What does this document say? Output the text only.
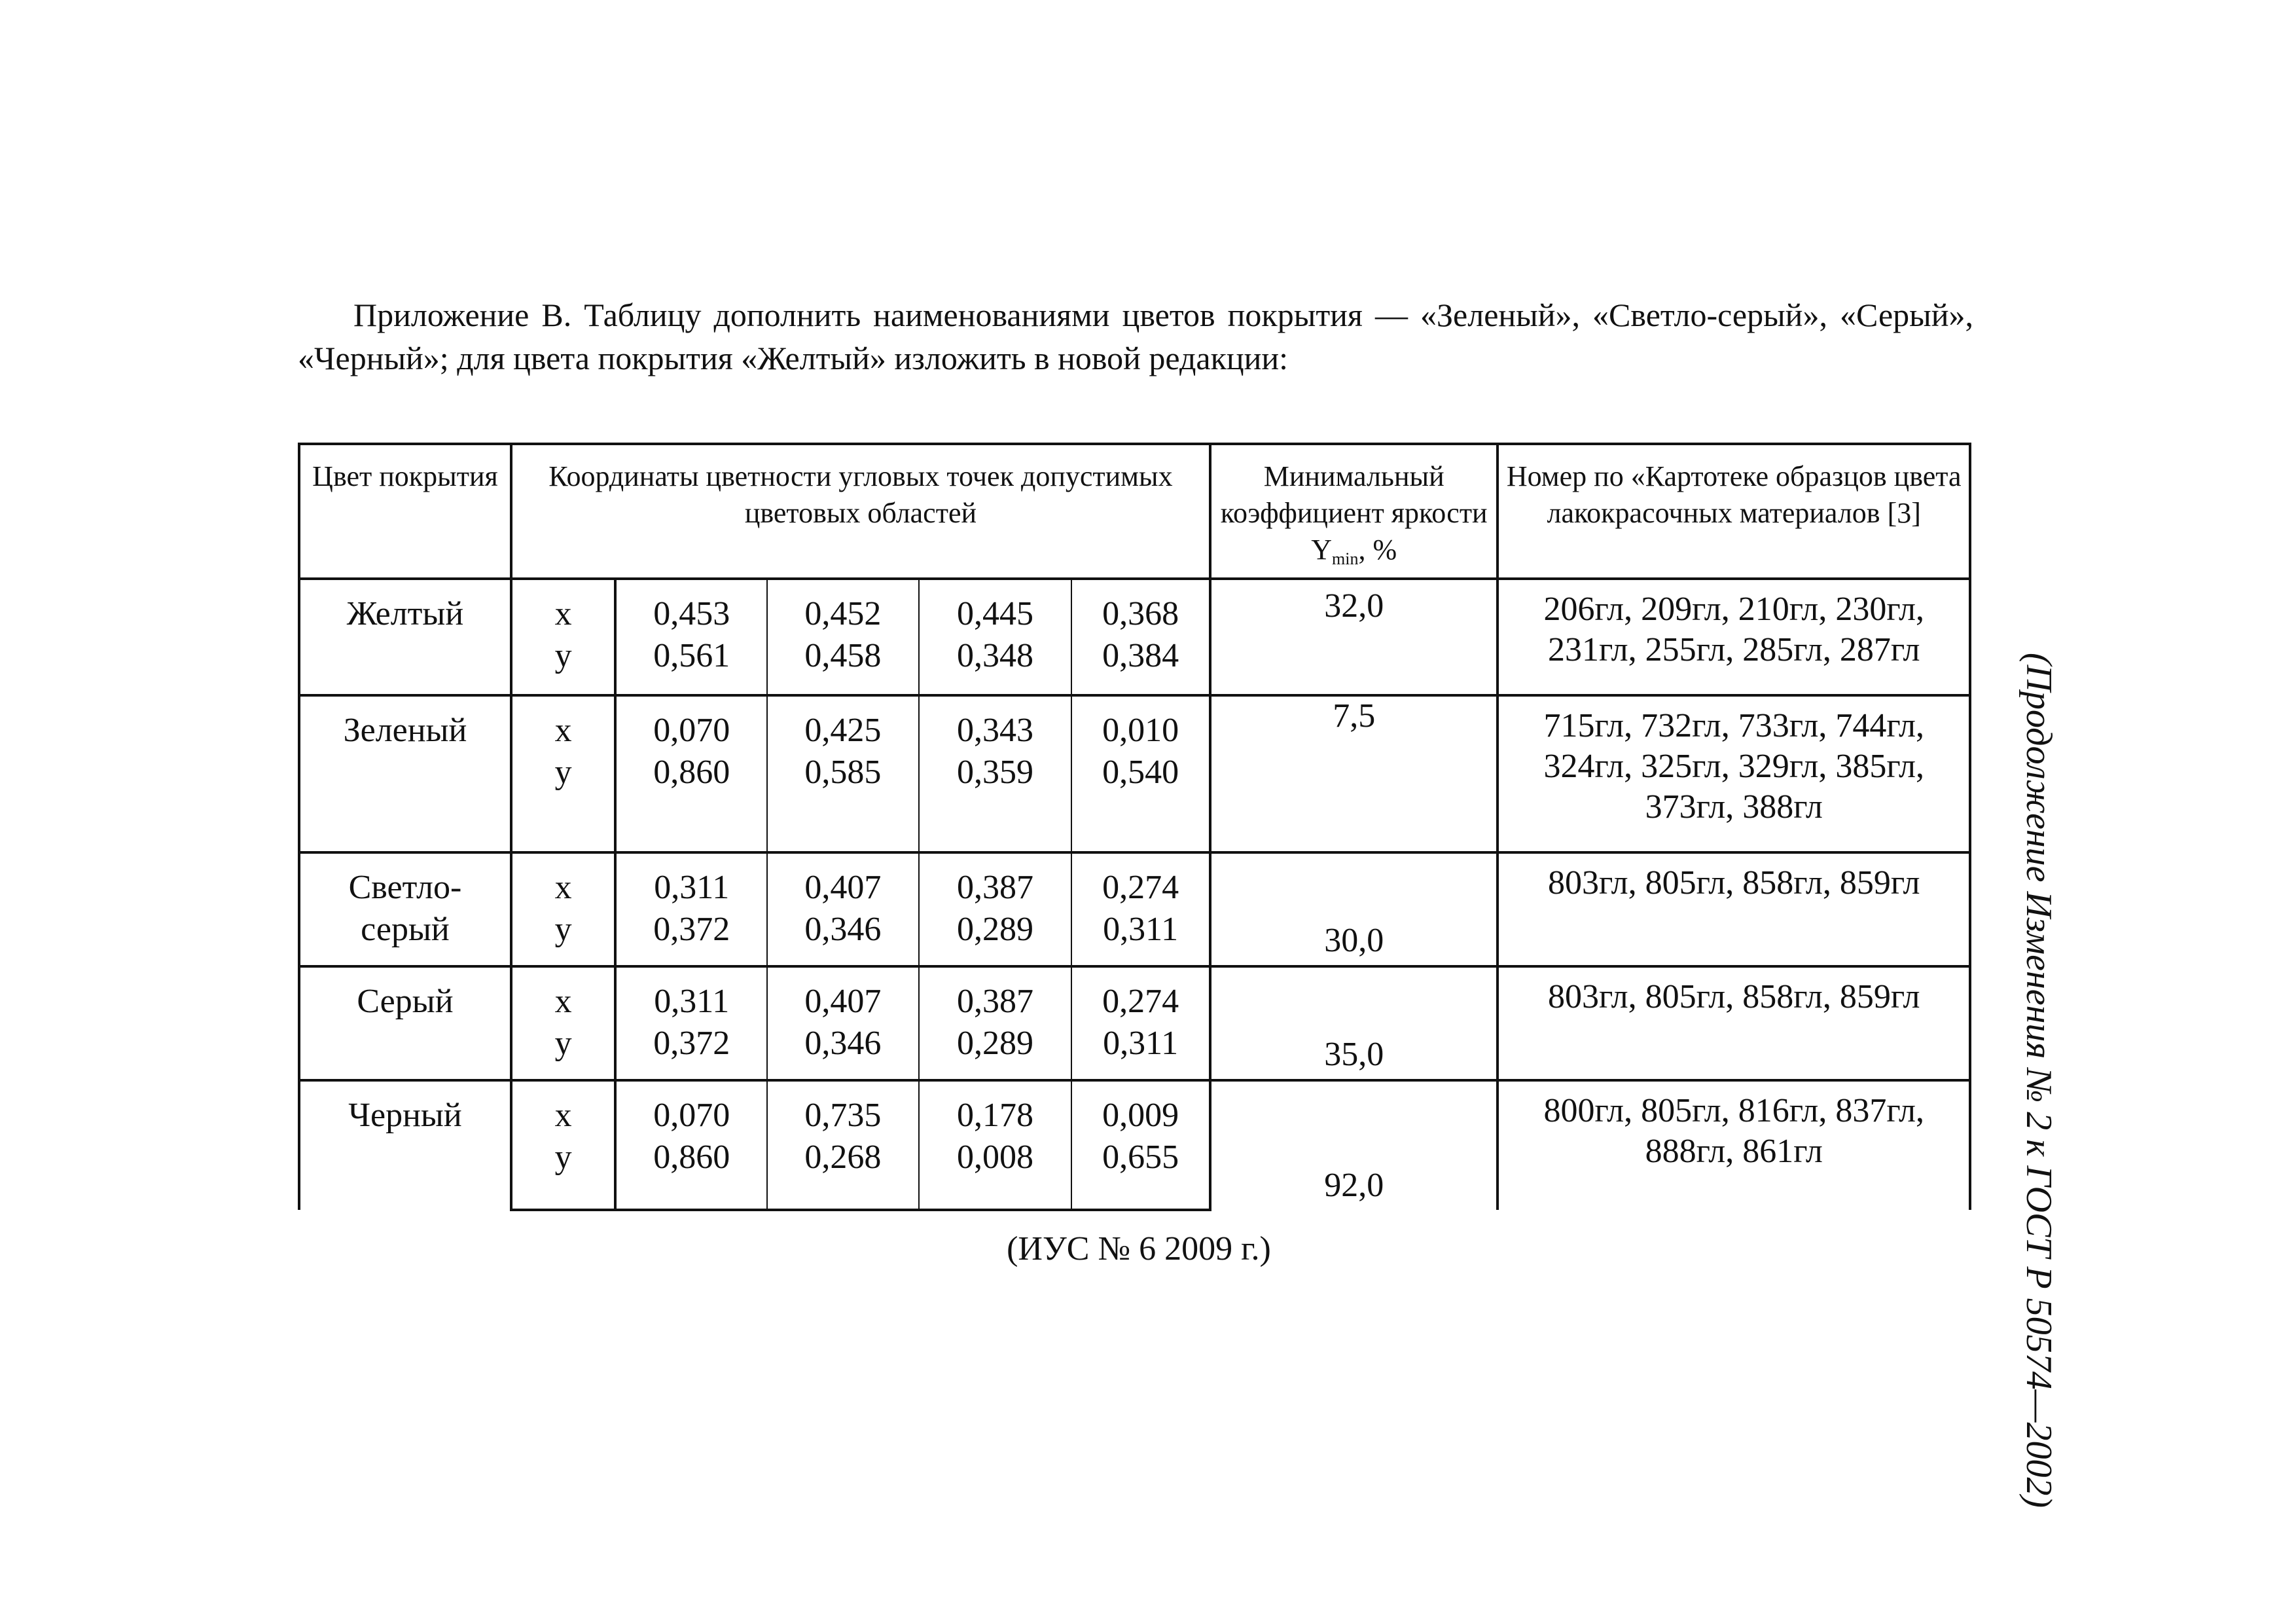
Приложение В. Таблицу дополнить наименованиями цветов покрытия — «Зеленый», «Светло-серый», «Серый», «Черный»; для цвета покрытия «Желтый» изложить в новой редакции:

Цвет покрытия	Координаты цветности угловых точек допустимых цветовых областей					Минимальный коэффициент яркости $Y_{min}$, %	Номер по «Картотеке образцов цвета лакокрасочных материалов [3]
Желтый	x	0,453	0,452	0,445	0,368	32,0	206гл, 209гл, 210гл, 230гл, 231гл, 255гл, 285гл, 287гл
	y	0,561	0,458	0,348	0,384		
Зеленый	x	0,070	0,425	0,343	0,010	7,5	715гл, 732гл, 733гл, 744гл, 324гл, 325гл, 329гл, 385гл, 373гл, 388гл
	y	0,860	0,585	0,359	0,540		
Светло-серый	x	0,311	0,407	0,387	0,274	30,0	803гл, 805гл, 858гл, 859гл
	y	0,372	0,346	0,289	0,311		
Серый	x	0,311	0,407	0,387	0,274	35,0	803гл, 805гл, 858гл, 859гл
	y	0,372	0,346	0,289	0,311		
Черный	x	0,070	0,735	0,178	0,009	92,0	800гл, 805гл, 816гл, 837гл, 888гл, 861гл
	y	0,860	0,268	0,008	0,655		
(ИУС № 6 2009 г.)	(Продолжение Изменения № 2 к ГОСТ Р 50574—2002)
